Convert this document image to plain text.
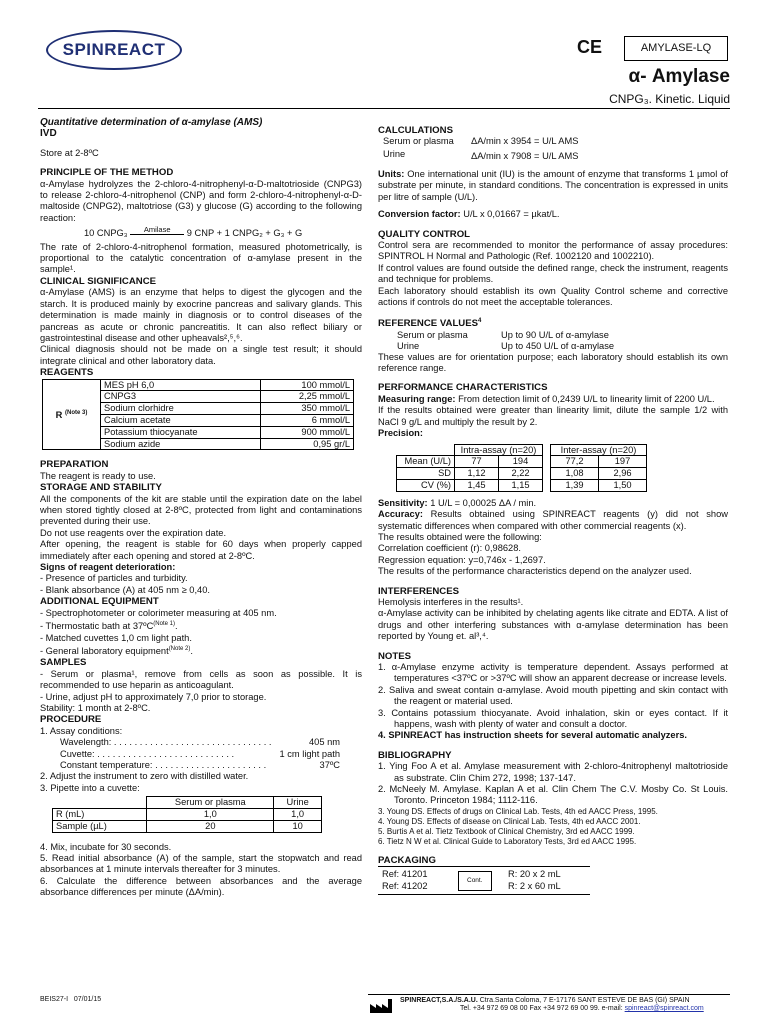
SPINREACT	CE	AMYLASE-LQ
α- Amylase
CNPG₃. Kinetic. Liquid

Quantitative determination of α-amylase (AMS)

IVD

Store at 2-8ºC

PRINCIPLE OF THE METHOD

α-Amylase hydrolyzes the 2-chloro-4-nitrophenyl-α-D-maltotrioside (CNPG3) to release 2-chloro-4-nitrophenol (CNP) and form 2-chloro-4-nitrophenyl-α-D-maltoside (CNPG2), maltotriose (G3) y glucose (G) according to the following reaction:

10 CNPG₃ Amilase 9 CNP + 1 CNPG₂ + G₃ + G

The rate of 2-chloro-4-nitrophenol formation, measured photometrically, is proportional to the catalytic concentration of α-amylase present in the sample¹.

CLINICAL SIGNIFICANCE

α-Amylase (AMS) is an enzyme that helps to digest the glycogen and the starch. It is produced mainly by exocrine pancreas and salivary glands. This determination is made mainly in diagnosis or to control diseases of the pancreas as acute or chronic pancreatitis. It can also reflect biliary or gastrointestinal disease and other upheavals²,⁵,⁶.

Clinical diagnosis should not be made on a single test result; it should integrate clinical and other laboratory data.

REAGENTS

R $^{(Note 3)}$	MES pH 6,0	100 mmol/L
	CNPG3	2,25 mmol/L
	Sodium clorhidre	350 mmol/L
	Calcium acetate	6 mmol/L
	Potassium thiocyanate	900 mmol/L
	Sodium azide	0,95 gr/L

PREPARATION

The reagent is ready to use.

STORAGE AND STABILITY

All the components of the kit are stable until the expiration date on the label when stored tightly closed at 2-8ºC, protected from light and contaminations prevented during their use.

Do not use reagents over the expiration date.

After opening, the reagent is stable for 60 days when properly capped immediately after each opening and stored at 2-8ºC.

Signs of reagent deterioration:

- Presence of particles and turbidity.

- Blank absorbance (A) at 405 nm ≥ 0,40.

ADDITIONAL EQUIPMENT

- Spectrophotometer or colorimeter measuring at 405 nm.

- Thermostatic bath at 37ºC$^{(Note 1)}$.

- Matched cuvettes 1,0 cm light path.

- General laboratory equipment$^{(Note 2)}$.

SAMPLES

- Serum or plasma¹, remove from cells as soon as possible. It is recommended to use heparin as anticoagulant.

- Urine, adjust pH to approximately 7,0 prior to storage.

Stability: 1 month at 2-8ºC.

PROCEDURE

1. Assay conditions:

Wavelength: . . . . . . . . . . . . . . . . . . . . . . . . . . . . . . .	405 nm

Cuvette: . . . . . . . . . . . . . . . . . . . . . . . . . . .	1 cm light path

Constant temperature: . . . . . . . . . . . . . . . . . . . . . .	37ºC

2. Adjust the instrument to zero with distilled water.

3. Pipette into a cuvette:

	Serum or plasma	Urine
R (mL)	1,0	1,0
Sample (µL)	20	10

4. Mix, incubate for 30 seconds.

5. Read initial absorbance (A) of the sample, start the stopwatch and read absorbances at 1 minute intervals thereafter for 3 minutes.

6. Calculate the difference between absorbances and the average absorbance differences per minute (ΔA/min).

CALCULATIONS

Serum or plasma	ΔA/min x 3954 = U/L AMS
Urine	ΔA/min x 7908 = U/L AMS

Units: One international unit (IU) is the amount of enzyme that transforms 1 µmol of substrate per minute, in standard conditions. The concentration is expressed in units per litre of sample (U/L).

Conversion factor: U/L x 0,01667 = µkat/L.

QUALITY CONTROL

Control sera are recommended to monitor the performance of assay procedures: SPINTROL H Normal and Pathologic (Ref. 1002120 and 1002210).

If control values are found outside the defined range, check the instrument, reagents and technique for problems.

Each laboratory should establish its own Quality Control scheme and corrective actions if controls do not meet the acceptable tolerances.

REFERENCE VALUES$^4$

Serum or plasma	Up to 90 U/L of α-amylase
Urine	Up to 450 U/L of α-amylase

These values are for orientation purpose; each laboratory should establish its own reference range.

PERFORMANCE CHARACTERISTICS

Measuring range: From detection limit of 0,2439 U/L to linearity limit of 2200 U/L.

If the results obtained were greater than linearity limit, dilute the sample 1/2 with NaCl 9 g/L and multiply the result by 2.

Precision:

	Intra-assay (n=20)			Inter-assay (n=20)	
Mean (U/L)	77	194		77,2	197
SD	1,12	2,22		1,08	2,96
CV (%)	1,45	1,15		1,39	1,50

Sensitivity: 1 U/L = 0,00025 ΔA / min.

Accuracy: Results obtained using SPINREACT reagents (y) did not show systematic differences when compared with other commercial reagents (x).

The results obtained were the following:

Correlation coefficient (r): 0,98628.

Regression equation: y=0,746x - 1,2697.

The results of the performance characteristics depend on the analyzer used.

INTERFERENCES

Hemolysis interferes in the results¹.

α-Amylase activity can be inhibited by chelating agents like citrate and EDTA. A list of drugs and other interfering substances with α-amylase determination has been reported by Young et. al³,⁴.

NOTES

1. α-Amylase enzyme activity is temperature dependent. Assays performed at temperatures <37ºC or >37ºC will show an apparent decrease or increase levels.

2. Saliva and sweat contain α-amylase. Avoid mouth pipetting and skin contact with the reagent or material used.

3. Contains potassium thiocyanate. Avoid inhalation, skin or eyes contact. If it happens, wash with plenty of water and consult a doctor.

4. SPINREACT has instruction sheets for several automatic analyzers.

BIBLIOGRAPHY

1. Ying Foo A et al. Amylase measurement with 2-chloro-4nitrophenyl maltotrioside as substrate. Clin Chim 272, 1998; 137-147.

2. McNeely M. Amylase. Kaplan A et al. Clin Chem The C.V. Mosby Co. St Louis. Toronto. Princeton 1984; 1112-116.

3. Young DS. Effects of drugs on Clinical Lab. Tests, 4th ed AACC Press, 1995.

4. Young DS. Effects of disease on Clinical Lab. Tests, 4th ed AACC 2001.

5. Burtis A et al. Tietz Textbook of Clinical Chemistry, 3rd ed AACC 1999.

6. Tietz N W et al. Clinical Guide to Laboratory Tests, 3rd ed AACC 1995.

PACKAGING

Ref: 41201	R: 20 x 2 mL
Ref: 41202	R: 2 x 60 mL
Cont.
BEIS27-I 07/01/15	SPINREACT,S.A./S.A.U. Ctra.Santa Coloma, 7 E-17176 SANT ESTEVE DE BAS (GI) SPAIN
Tel. +34 972 69 08 00 Fax +34 972 69 00 99. e-mail: spinreact@spinreact.com
